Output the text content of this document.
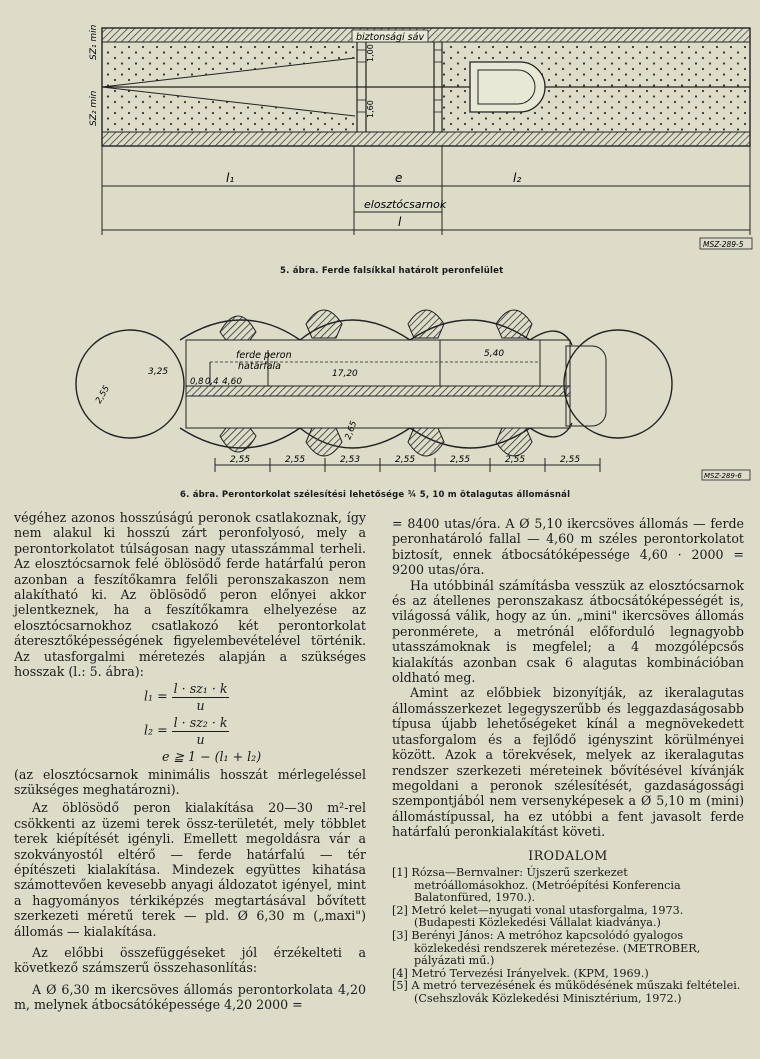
biztonsági sáv
1,00
1,60
SZ₁ min
SZ₂ min
l₁	e	l₂
elosztócsarnok
l
MSZ-289-5
5. ábra. Ferde falsíkkal határolt peronfelület
ferde peron
határfala
3,25
0,8 0,4 4,60
17,20
5,40
2,55
2,65
2,55	2,55	2,53	2,55	2,55	2,55	2,55
MSZ-289-6
6. ábra. Perontorkolat szélesítési lehetősége ¾ 5, 10 m ötalagutas állomásnál

végéhez azonos hosszúságú peronok csatlakoznak, így nem alakul ki hosszú zárt peronfolyosó, mely a perontorkolatot túlságosan nagy utasszámmal terheli. Az elosztócsarnok felé öblösödő ferde határfalú peron azonban a feszítőkamra felőli peronszakaszon nem alakítható ki. Az öblösödő peron előnyei akkor jelentkeznek, ha a feszítőkamra elhelyezése az elosztócsarnokhoz csatlakozó két perontorkolat áteresztőképességének figyelembevételével történik. Az utasforgalmi méretezés alapján a szükséges hosszak (l.: 5. ábra):

$l_1 = \frac{\text{l · sz₁ · k}}{u}$
$l_2 = \frac{\text{l · sz₂ · k}}{u}$
e ≧ 1 − (l₁ + l₂)

(az elosztócsarnok minimális hosszát mérlegeléssel szükséges meghatározni).

Az öblösödő peron kialakítása 20—30 m²-rel csökkenti az üzemi terek össz-területét, mely többlet terek kiépítését igényli. Emellett megoldásra vár a szokványostól eltérő — ferde határfalú — tér építészeti kialakítása. Mindezek együttes kihatása számottevően kevesebb anyagi áldozatot igényel, mint a hagyományos térkiképzés megtartásával bővített szerkezeti méretű terek — pld. Ø 6,30 m („maxi") állomás — kialakítása.

Az előbbi összefüggéseket jól érzékelteti a következő számszerű összehasonlítás:

A Ø 6,30 m ikercsöves állomás perontorkolata 4,20 m, melynek átbocsátóképessége 4,20 2000 =

= 8400 utas/óra. A Ø 5,10 ikercsöves állomás — ferde peronhatároló fallal — 4,60 m széles perontorkolatot biztosít, ennek átbocsátóképessége 4,60 · 2000 = 9200 utas/óra.

Ha utóbbinál számításba vesszük az elosztócsarnok és az átellenes peronszakasz átbocsátóképességét is, világossá válik, hogy az ún. „mini" ikercsöves állomás peronmérete, a metrónál előforduló legnagyobb utasszámoknak is megfelel; a 4 mozgólépcsős kialakítás azonban csak 6 alagutas kombinációban oldható meg.

Amint az előbbiek bizonyítják, az ikeralagutas állomásszerkezet legegyszerűbb és leggazdaságosabb típusa újabb lehetőségeket kínál a megnövekedett utasforgalom és a fejlődő igényszint körülményei között. Azok a törekvések, melyek az ikeralagutas rendszer szerkezeti méreteinek bővítésével kívánják megoldani a peronok szélesítését, gazdaságossági szempontjából nem versenyképesek a Ø 5,10 m (mini) állomástípussal, ha ez utóbbi a fent javasolt ferde határfalú peronkialakítást követi.

IRODALOM

[1] Rózsa—Bernvalner: Újszerű szerkezet metróállomásokhoz. (Metróépítési Konferencia Balatonfüred, 1970.).

[2] Metró kelet—nyugati vonal utasforgalma, 1973. (Budapesti Közlekedési Vállalat kiadványa.)

[3] Berényi János: A metróhoz kapcsolódó gyalogos közlekedési rendszerek méretezése. (METROBER, pályázati mű.)

[4] Metró Tervezési Irányelvek. (KPM, 1969.)

[5] A metró tervezésének és működésének műszaki feltételei. (Csehszlovák Közlekedési Minisztérium, 1972.)
